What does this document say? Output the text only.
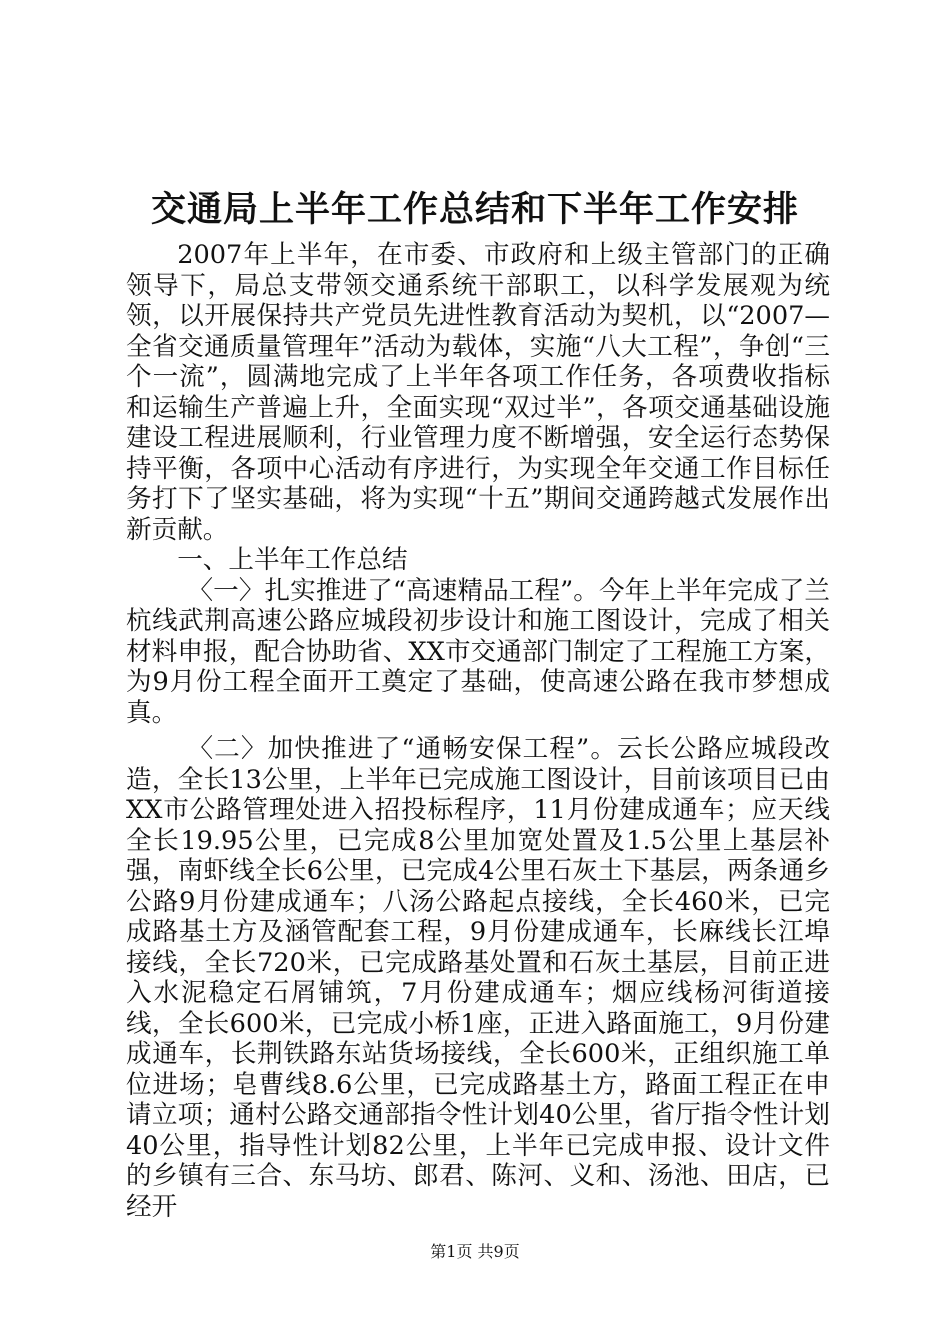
交通局上半年工作总结和下半年工作安排

2007年上半年，在市委、市政府和上级主管部门的正确领导下，局总支带领交通系统干部职工，以科学发展观为统领，以开展保持共产党员先进性教育活动为契机，以“2007—全省交通质量管理年”活动为载体，实施“八大工程”，争创“三个一流”，圆满地完成了上半年各项工作任务，各项费收指标和运输生产普遍上升，全面实现“双过半”，各项交通基础设施建设工程进展顺利，行业管理力度不断增强，安全运行态势保持平衡，各项中心活动有序进行，为实现全年交通工作目标任务打下了坚实基础，将为实现“十五”期间交通跨越式发展作出新贡献。

一、上半年工作总结

〈一〉扎实推进了“高速精品工程”。今年上半年完成了兰杭线武荆高速公路应城段初步设计和施工图设计，完成了相关材料申报，配合协助省、XX市交通部门制定了工程施工方案，为9月份工程全面开工奠定了基础，使高速公路在我市梦想成真。

〈二〉加快推进了“通畅安保工程”。云长公路应城段改造，全长13公里，上半年已完成施工图设计，目前该项目已由XX市公路管理处进入招投标程序，11月份建成通车；应天线全长19.95公里，已完成8公里加宽处置及1.5公里上基层补强，南虾线全长6公里，已完成4公里石灰土下基层，两条通乡公路9月份建成通车；八汤公路起点接线，全长460米，已完成路基土方及涵管配套工程，9月份建成通车，长麻线长江埠接线，全长720米，已完成路基处置和石灰土基层，目前正进入水泥稳定石屑铺筑，7月份建成通车；烟应线杨河街道接线，全长600米，已完成小桥1座，正进入路面施工，9月份建成通车，长荆铁路东站货场接线，全长600米，正组织施工单位进场；皂曹线8.6公里，已完成路基土方，路面工程正在申请立项；通村公路交通部指令性计划40公里，省厅指令性计划40公里，指导性计划82公里，上半年已完成申报、设计文件的乡镇有三合、东马坊、郎君、陈河、义和、汤池、田店，已经开

第1页 共9页
